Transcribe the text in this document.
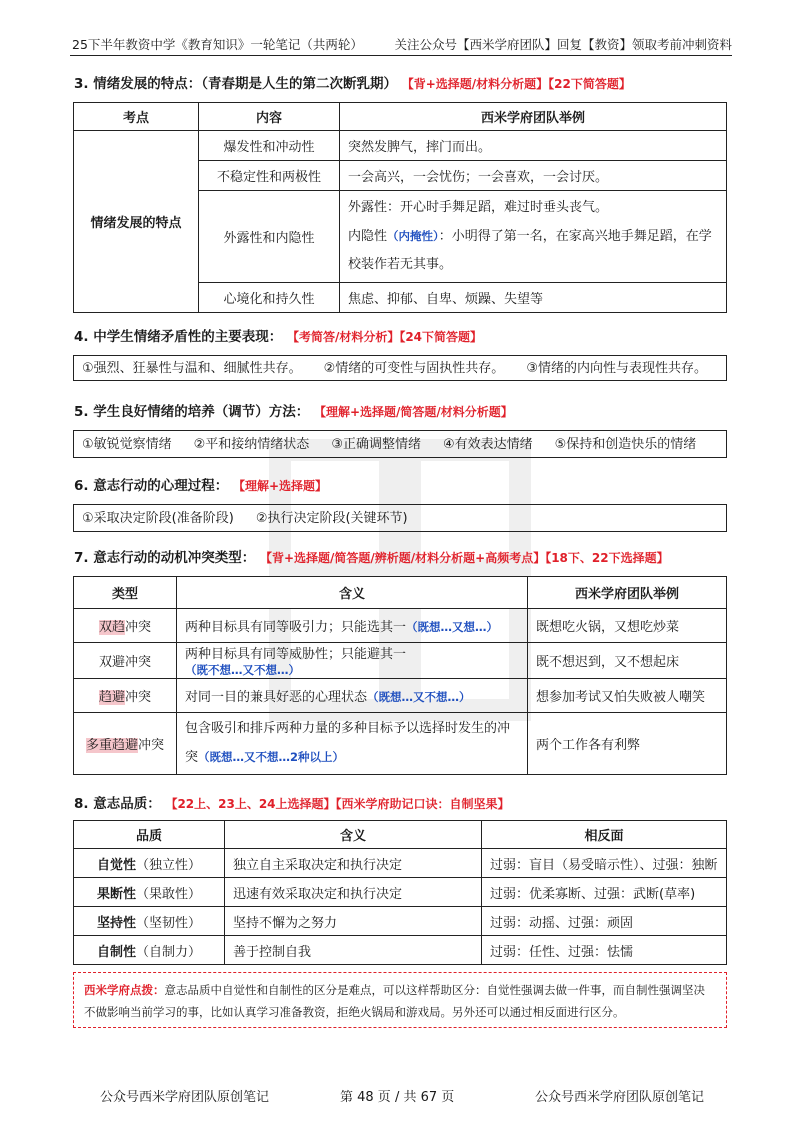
25下半年教资中学《教育知识》一轮笔记（共两轮）	关注公众号【西米学府团队】回复【教资】领取考前冲刺资料
3. 情绪发展的特点：（青春期是人生的第二次断乳期） 【背+选择题/材料分析题】【22下简答题】
考点	内容	西米学府团队举例
情绪发展的特点	爆发性和冲动性	突然发脾气，摔门而出。
	不稳定性和两极性	一会高兴，一会忧伤；一会喜欢，一会讨厌。
	外露性和内隐性	外露性：开心时手舞足蹈，难过时垂头丧气。
内隐性（内掩性）：小明得了第一名，在家高兴地手舞足蹈，在学校装作若无其事。

	心境化和持久性	焦虑、抑郁、自卑、烦躁、失望等
4. 中学生情绪矛盾性的主要表现： 【考简答/材料分析】【24下简答题】
①强烈、狂暴性与温和、细腻性共存。 ②情绪的可变性与固执性共存。 ③情绪的内向性与表现性共存。
5. 学生良好情绪的培养（调节）方法： 【理解+选择题/简答题/材料分析题】
①敏锐觉察情绪 ②平和接纳情绪状态 ③正确调整情绪 ④有效表达情绪 ⑤保持和创造快乐的情绪
6. 意志行动的心理过程： 【理解+选择题】
①采取决定阶段(准备阶段) ②执行决定阶段(关键环节)
7. 意志行动的动机冲突类型： 【背+选择题/简答题/辨析题/材料分析题+高频考点】【18下、22下选择题】
类型	含义	西米学府团队举例
双趋冲突	两种目标具有同等吸引力；只能选其一（既想…又想…）	既想吃火锅，又想吃炒菜
双避冲突	两种目标具有同等威胁性；只能避其一（既不想…又不想…）	既不想迟到，又不想起床
趋避冲突	对同一目的兼具好恶的心理状态（既想…又不想…）	想参加考试又怕失败被人嘲笑
多重趋避冲突	包含吸引和排斥两种力量的多种目标予以选择时发生的冲突（既想…又不想…2种以上）	两个工作各有利弊
8. 意志品质： 【22上、23上、24上选择题】【西米学府助记口诀：自制坚果】
品质	含义	相反面
自觉性（独立性）	独立自主采取决定和执行决定	过弱：盲目（易受暗示性）、过强：独断
果断性（果敢性）	迅速有效采取决定和执行决定	过弱：优柔寡断、过强：武断(草率)
坚持性（坚韧性）	坚持不懈为之努力	过弱：动摇、过强：顽固
自制性（自制力）	善于控制自我	过弱：任性、过强：怯懦
西米学府点拨：意志品质中自觉性和自制性的区分是难点，可以这样帮助区分：自觉性强调去做一件事，而自制性强调坚决不做影响当前学习的事，比如认真学习准备教资，拒绝火锅局和游戏局。另外还可以通过相反面进行区分。
公众号西米学府团队原创笔记	第 48 页 / 共 67 页	公众号西米学府团队原创笔记
